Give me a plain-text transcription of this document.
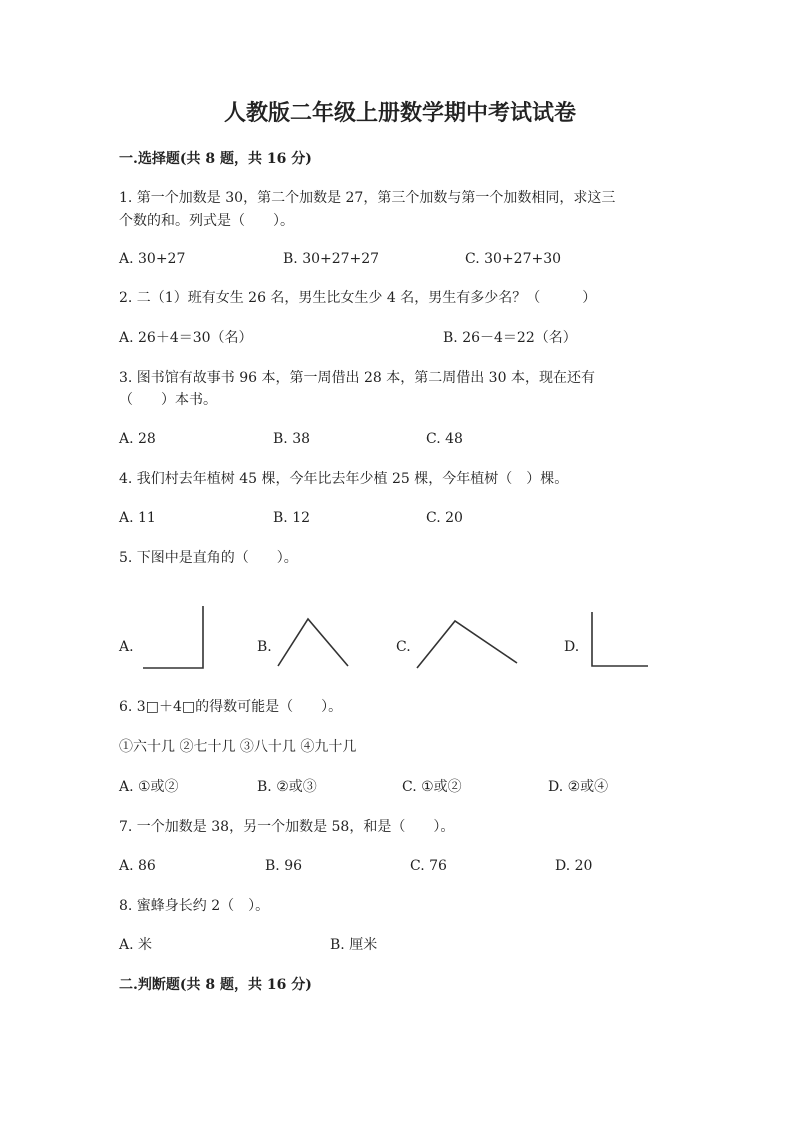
人教版二年级上册数学期中考试试卷
一.选择题(共 8 题，共 16 分)
1. 第一个加数是 30，第二个加数是 27，第三个加数与第一个加数相同，求这三
个数的和。列式是（　　）。
A. 30+27	B. 30+27+27	C. 30+27+30
2. 二（1）班有女生 26 名，男生比女生少 4 名，男生有多少名？（　　　）
A. 26＋4＝30（名）	B. 26－4＝22（名）
3. 图书馆有故事书 96 本，第一周借出 28 本，第二周借出 30 本，现在还有
（　　）本书。
A. 28	B. 38	C. 48
4. 我们村去年植树 45 棵，今年比去年少植 25 棵，今年植树（　）棵。
A. 11	B. 12	C. 20
5. 下图中是直角的（　　）。
A.	B.	C.	D.
6. 3□＋4□的得数可能是（　　）。
①六十几 ②七十几 ③八十几 ④九十几
A. ①或②	B. ②或③	C. ①或②	D. ②或④
7. 一个加数是 38，另一个加数是 58，和是（　　）。
A. 86	B. 96	C. 76	D. 20
8. 蜜蜂身长约 2（　）。
A. 米	B. 厘米
二.判断题(共 8 题，共 16 分)
